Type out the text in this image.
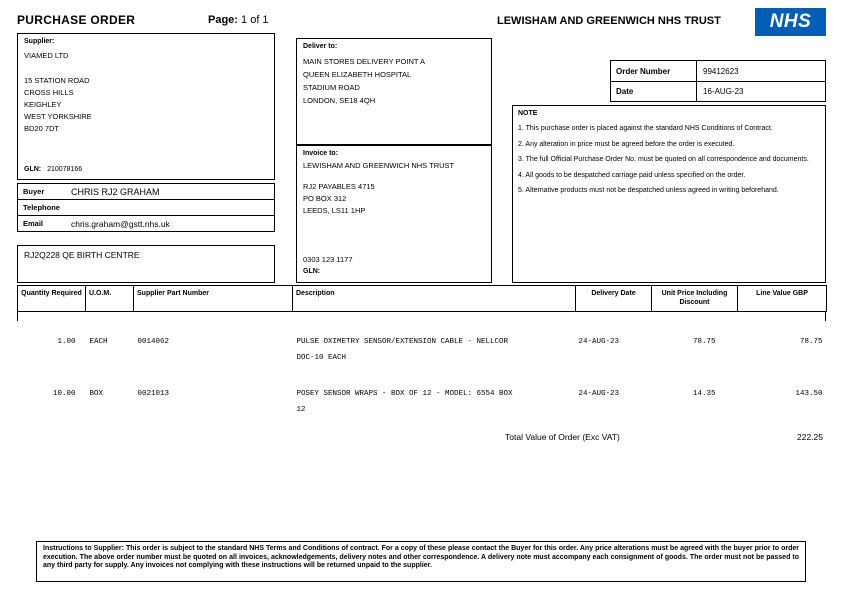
PURCHASE ORDER	Page: 1 of 1	LEWISHAM AND GREENWICH NHS TRUST	NHS
Supplier:
VIAMED LTD
15 STATION ROAD
CROSS HILLS
KEIGHLEY
WEST YORKSHIRE
BD20 7DT
GLN: 210078166
Deliver to:
MAIN STORES DELIVERY POINT A
QUEEN ELIZABETH HOSPITAL
STADIUM ROAD
LONDON, SE18 4QH
Invoice to:
LEWISHAM AND GREENWICH NHS TRUST
RJ2 PAYABLES 4715
PO BOX 312
LEEDS, LS11 1HP
0303 123 1177
GLN:
Order Number	99412623
Date	16-AUG-23
NOTE
1. This purchase order is placed against the standard NHS Conditions of Contract.
2. Any alteration in price must be agreed before the order is executed.
3. The full Official Purchase Order No. must be quoted on all correspondence and documents.
4. All goods to be despatched carriage paid unless specified on the order.
5. Alternative products must not be despatched unless agreed in writing beforehand.
Buyer	CHRIS RJ2 GRAHAM
Telephone
Email	chris.graham@gstt.nhs.uk
RJ2Q228 QE BIRTH CENTRE
Quantity Required	U.O.M.	Supplier Part Number	Description	Delivery Date	Unit Price Including Discount	Line Value GBP
1.00	EACH	0014062	PULSE OXIMETRY SENSOR/EXTENSION CABLE - NELLCOR
DOC-10 EACH	24-AUG-23	78.75	78.75
10.00	BOX	0021013	POSEY SENSOR WRAPS - BOX OF 12 - MODEL: 6554 BOX
12	24-AUG-23	14.35	143.50
Total Value of Order (Exc VAT)	222.25
Instructions to Supplier: This order is subject to the standard NHS Terms and Conditions of contract. For a copy of these please contact the Buyer for this order. Any price alterations must be agreed with the buyer prior to order execution. The above order number must be quoted on all invoices, acknowledgements, delivery notes and other correspondence. A delivery note must accompany each consignment of goods. The order must not be passed to any third party for supply. Any invoices not complying with these instructions will be returned unpaid to the supplier.
